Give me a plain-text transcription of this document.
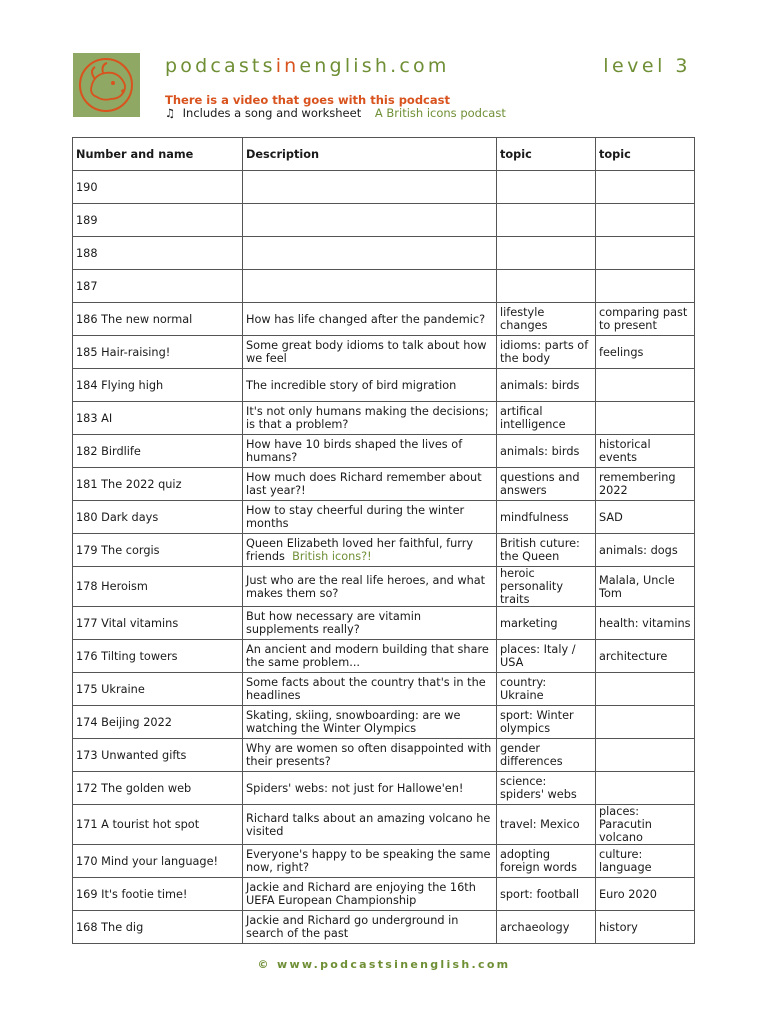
podcastsinenglish.com	level 3
There is a video that goes with this podcast
♫ Includes a song and worksheet A British icons podcast
Number and name	Description	topic	topic
190			
189			
188			
187			
186 The new normal	How has life changed after the pandemic?	lifestyle changes	comparing past to present
185 Hair-raising!	Some great body idioms to talk about how we feel	idioms: parts of the body	feelings
184 Flying high	The incredible story of bird migration	animals: birds	
183 AI	It's not only humans making the decisions; is that a problem?	artifical intelligence	
182 Birdlife	How have 10 birds shaped the lives of humans?	animals: birds	historical events
181 The 2022 quiz	How much does Richard remember about last year?!	questions and answers	remembering 2022
180 Dark days	How to stay cheerful during the winter months	mindfulness	SAD
179 The corgis	Queen Elizabeth loved her faithful, furry friends British icons?!	British cuture: the Queen	animals: dogs
178 Heroism	Just who are the real life heroes, and what makes them so?	heroic personality traits	Malala, Uncle Tom
177 Vital vitamins	But how necessary are vitamin supplements really?	marketing	health: vitamins
176 Tilting towers	An ancient and modern building that share the same problem...	places: Italy / USA	architecture
175 Ukraine	Some facts about the country that's in the headlines	country: Ukraine	
174 Beijing 2022	Skating, skiing, snowboarding: are we watching the Winter Olympics	sport: Winter olympics	
173 Unwanted gifts	Why are women so often disappointed with their presents?	gender differences	
172 The golden web	Spiders' webs: not just for Hallowe'en!	science: spiders' webs	
171 A tourist hot spot	Richard talks about an amazing volcano he visited	travel: Mexico	places: Paracutin volcano
170 Mind your language!	Everyone's happy to be speaking the same now, right?	adopting foreign words	culture: language
169 It's footie time!	Jackie and Richard are enjoying the 16th UEFA European Championship	sport: football	Euro 2020
168 The dig	Jackie and Richard go underground in search of the past	archaeology	history
© www.podcastsinenglish.com
